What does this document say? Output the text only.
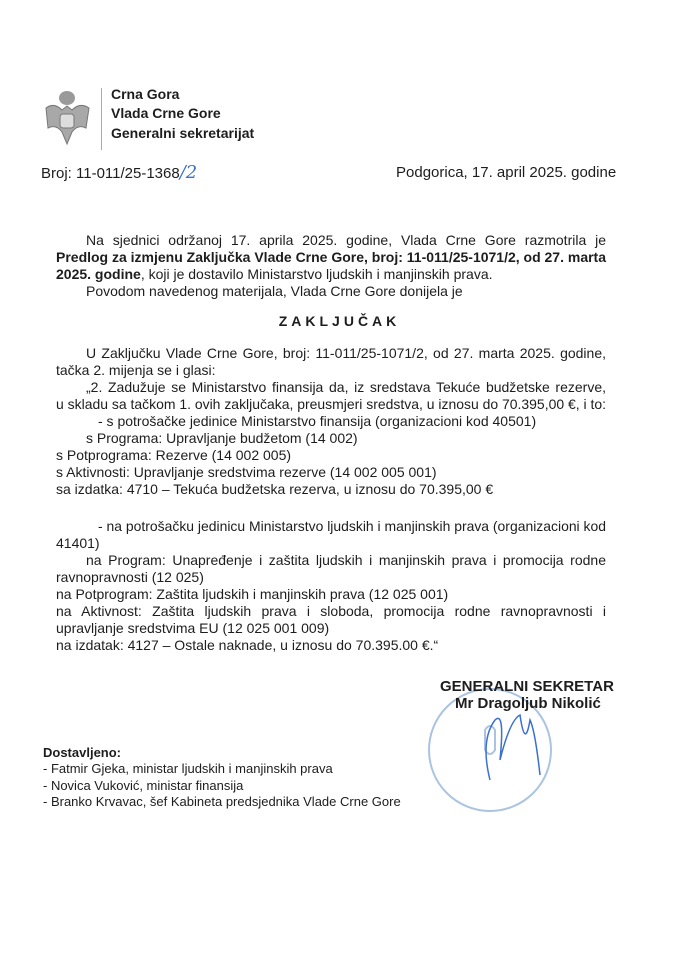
Crna Gora
Vlada Crne Gore
Generalni sekretarijat
Broj: 11-011/25-1368/2	Podgorica, 17. april 2025. godine
Na sjednici održanoj 17. aprila 2025. godine, Vlada Crne Gore razmotrila je
Predlog za izmjenu Zaključka Vlade Crne Gore, broj: 11-011/25-1071/2, od 27. marta
2025. godine, koji je dostavilo Ministarstvo ljudskih i manjinskih prava.
Povodom navedenog materijala, Vlada Crne Gore donijela je
ZAKLJUČAK
U Zaključku Vlade Crne Gore, broj: 11-011/25-1071/2, od 27. marta 2025. godine,
tačka 2. mijenja se i glasi:
„2. Zadužuje se Ministarstvo finansija da, iz sredstava Tekuće budžetske rezerve,
u skladu sa tačkom 1. ovih zaključaka, preusmjeri sredstva, u iznosu do 70.395,00 €, i to:
- s potrošačke jedinice Ministarstvo finansija (organizacioni kod 40501)
s Programa: Upravljanje budžetom (14 002)
s Potprograma: Rezerve (14 002 005)
s Aktivnosti: Upravljanje sredstvima rezerve (14 002 005 001)
sa izdatka: 4710 – Tekuća budžetska rezerva, u iznosu do 70.395,00 €
- na potrošačku jedinicu Ministarstvo ljudskih i manjinskih prava (organizacioni kod
41401)
na Program: Unapređenje i zaštita ljudskih i manjinskih prava i promocija rodne
ravnopravnosti (12 025)
na Potprogram: Zaštita ljudskih i manjinskih prava (12 025 001)
na Aktivnost: Zaštita ljudskih prava i sloboda, promocija rodne ravnopravnosti i
upravljanje sredstvima EU (12 025 001 009)
na izdatak: 4127 – Ostale naknade, u iznosu do 70.395.00 €.“
GENERALNI SEKRETAR
Mr Dragoljub Nikolić
Dostavljeno:
- Fatmir Gjeka, ministar ljudskih i manjinskih prava
- Novica Vuković, ministar finansija
- Branko Krvavac, šef Kabineta predsjednika Vlade Crne Gore
